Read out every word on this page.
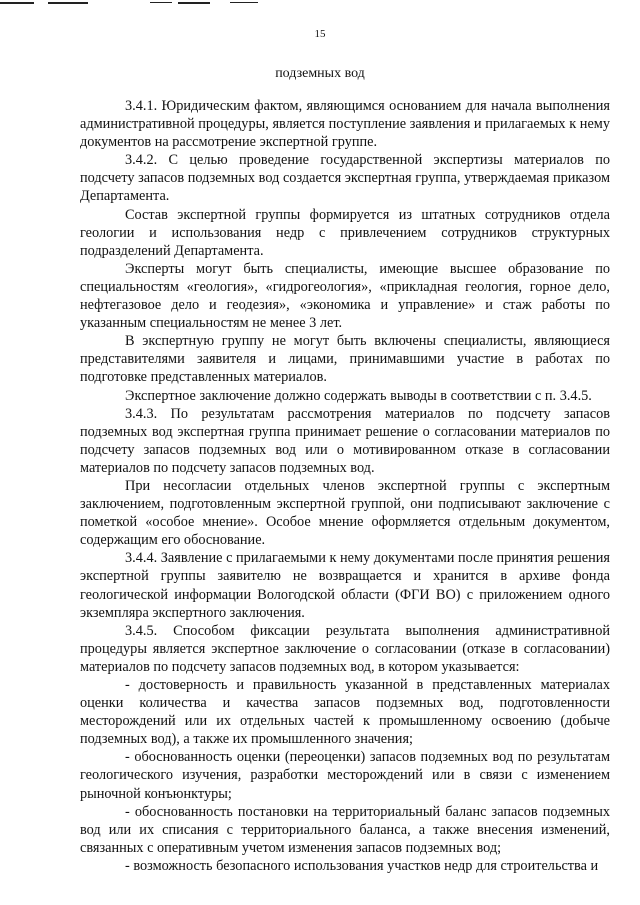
15
подземных вод

3.4.1. Юридическим фактом, являющимся основанием для начала выполнения административной процедуры, является поступление заявления и прилагаемых к нему документов на рассмотрение экспертной группе.

3.4.2. С целью проведение государственной экспертизы материалов по подсчету запасов подземных вод создается экспертная группа, утверждаемая приказом Департамента.

Состав экспертной группы формируется из штатных сотрудников отдела геологии и использования недр с привлечением сотрудников структурных подразделений Департамента.

Эксперты могут быть специалисты, имеющие высшее образование по специальностям «геология», «гидрогеология», «прикладная геология, горное дело, нефтегазовое дело и геодезия», «экономика и управление» и стаж работы по указанным специальностям не менее 3 лет.

В экспертную группу не могут быть включены специалисты, являющиеся представителями заявителя и лицами, принимавшими участие в работах по подготовке представленных материалов.

Экспертное заключение должно содержать выводы в соответствии с п. 3.4.5.

3.4.3. По результатам рассмотрения материалов по подсчету запасов подземных вод экспертная группа принимает решение о согласовании материалов по подсчету запасов подземных вод или о мотивированном отказе в согласовании материалов по подсчету запасов подземных вод.

При несогласии отдельных членов экспертной группы с экспертным заключением, подготовленным экспертной группой, они подписывают заключение с пометкой «особое мнение». Особое мнение оформляется отдельным документом, содержащим его обоснование.

3.4.4. Заявление с прилагаемыми к нему документами после принятия решения экспертной группы заявителю не возвращается и хранится в архиве фонда геологической информации Вологодской области (ФГИ ВО) с приложением одного экземпляра экспертного заключения.

3.4.5. Способом фиксации результата выполнения административной процедуры является экспертное заключение о согласовании (отказе в согласовании) материалов по подсчету запасов подземных вод, в котором указывается:

- достоверность и правильность указанной в представленных материалах оценки количества и качества запасов подземных вод, подготовленности месторождений или их отдельных частей к промышленному освоению (добыче подземных вод), а также их промышленного значения;

- обоснованность оценки (переоценки) запасов подземных вод по результатам геологического изучения, разработки месторождений или в связи с изменением рыночной конъюнктуры;

- обоснованность постановки на территориальный баланс запасов подземных вод или их списания с территориального баланса, а также внесения изменений, связанных с оперативным учетом изменения запасов подземных вод;

- возможность безопасного использования участков недр для строительства и
